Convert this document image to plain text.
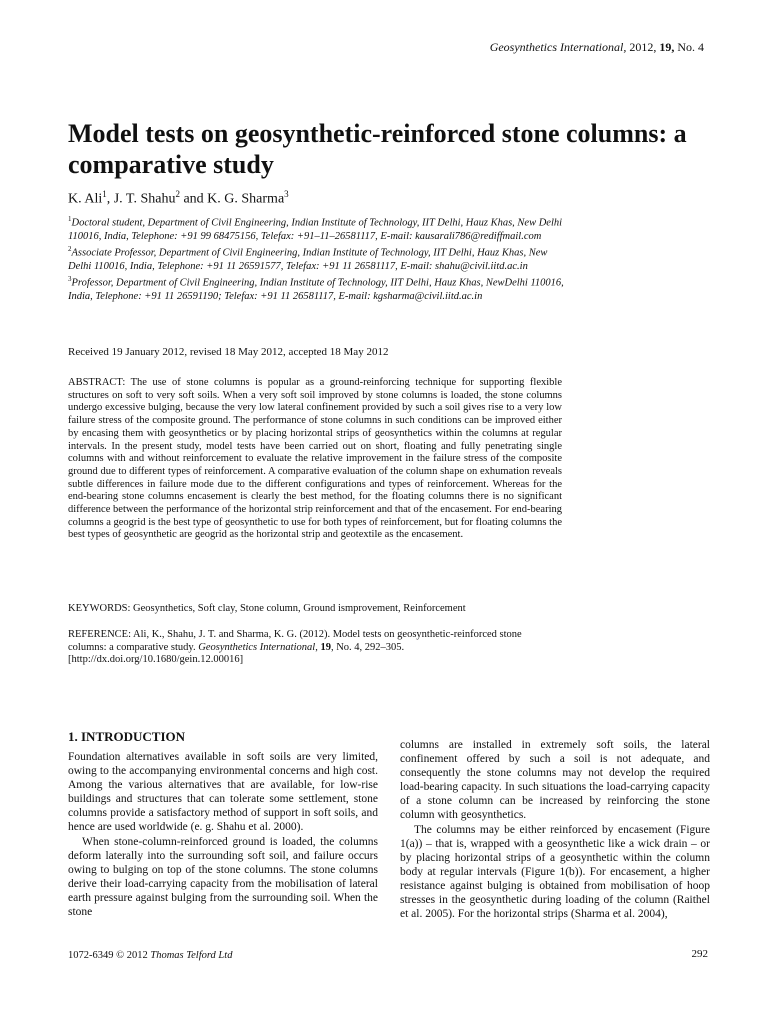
Geosynthetics International, 2012, 19, No. 4
Model tests on geosynthetic-reinforced stone columns: a comparative study
K. Ali$^1$, J. T. Shahu$^2$ and K. G. Sharma$^3$

$^1$Doctoral student, Department of Civil Engineering, Indian Institute of Technology, IIT Delhi, Hauz Khas, New Delhi 110016, India, Telephone: +91 99 68475156, Telefax: +91–11–26581117, E-mail: kausarali786@rediffmail.com

$^2$Associate Professor, Department of Civil Engineering, Indian Institute of Technology, IIT Delhi, Hauz Khas, New Delhi 110016, India, Telephone: +91 11 26591577, Telefax: +91 11 26581117, E-mail: shahu@civil.iitd.ac.in

$^3$Professor, Department of Civil Engineering, Indian Institute of Technology, IIT Delhi, Hauz Khas, NewDelhi 110016, India, Telephone: +91 11 26591190; Telefax: +91 11 26581117, E-mail: kgsharma@civil.iitd.ac.in

Received 19 January 2012, revised 18 May 2012, accepted 18 May 2012
ABSTRACT: The use of stone columns is popular as a ground-reinforcing technique for supporting flexible structures on soft to very soft soils. When a very soft soil improved by stone columns is loaded, the stone columns undergo excessive bulging, because the very low lateral confinement provided by such a soil gives rise to a very low failure stress of the composite ground. The performance of stone columns in such conditions can be improved either by encasing them with geosynthetics or by placing horizontal strips of geosynthetics within the columns at regular intervals. In the present study, model tests have been carried out on short, floating and fully penetrating single columns with and without reinforcement to evaluate the relative improvement in the failure stress of the composite ground due to different types of reinforcement. A comparative evaluation of the column shape on exhumation reveals subtle differences in failure mode due to the different configurations and types of reinforcement. Whereas for the end-bearing stone columns encasement is clearly the best method, for the floating columns there is no significant difference between the performance of the horizontal strip reinforcement and that of the encasement. For end-bearing columns a geogrid is the best type of geosynthetic to use for both types of reinforcement, but for floating columns the best types of geosynthetic are geogrid as the horizontal strip and geotextile as the encasement.
KEYWORDS: Geosynthetics, Soft clay, Stone column, Ground ismprovement, Reinforcement
REFERENCE: Ali, K., Shahu, J. T. and Sharma, K. G. (2012). Model tests on geosynthetic-reinforced stone columns: a comparative study. Geosynthetics International, 19, No. 4, 292–305.
[http://dx.doi.org/10.1680/gein.12.00016]
1. INTRODUCTION

Foundation alternatives available in soft soils are very limited, owing to the accompanying environmental concerns and high cost. Among the various alternatives that are available, for low-rise buildings and structures that can tolerate some settlement, stone columns provide a satisfactory method of support in soft soils, and hence are used worldwide (e. g. Shahu et al. 2000).

When stone-column-reinforced ground is loaded, the columns deform laterally into the surrounding soft soil, and failure occurs owing to bulging on top of the stone columns. The stone columns derive their load-carrying capacity from the mobilisation of lateral earth pressure against bulging from the surrounding soil. When the stone

columns are installed in extremely soft soils, the lateral confinement offered by such a soil is not adequate, and consequently the stone columns may not develop the required load-bearing capacity. In such situations the load-carrying capacity of a stone column can be increased by reinforcing the stone column with geosynthetics.

The columns may be either reinforced by encasement (Figure 1(a)) – that is, wrapped with a geosynthetic like a wick drain – or by placing horizontal strips of a geosynthetic within the column body at regular intervals (Figure 1(b)). For encasement, a higher resistance against bulging is obtained from mobilisation of hoop stresses in the geosynthetic during loading of the column (Raithel et al. 2005). For the horizontal strips (Sharma et al. 2004),

1072-6349 © 2012 Thomas Telford Ltd	292
